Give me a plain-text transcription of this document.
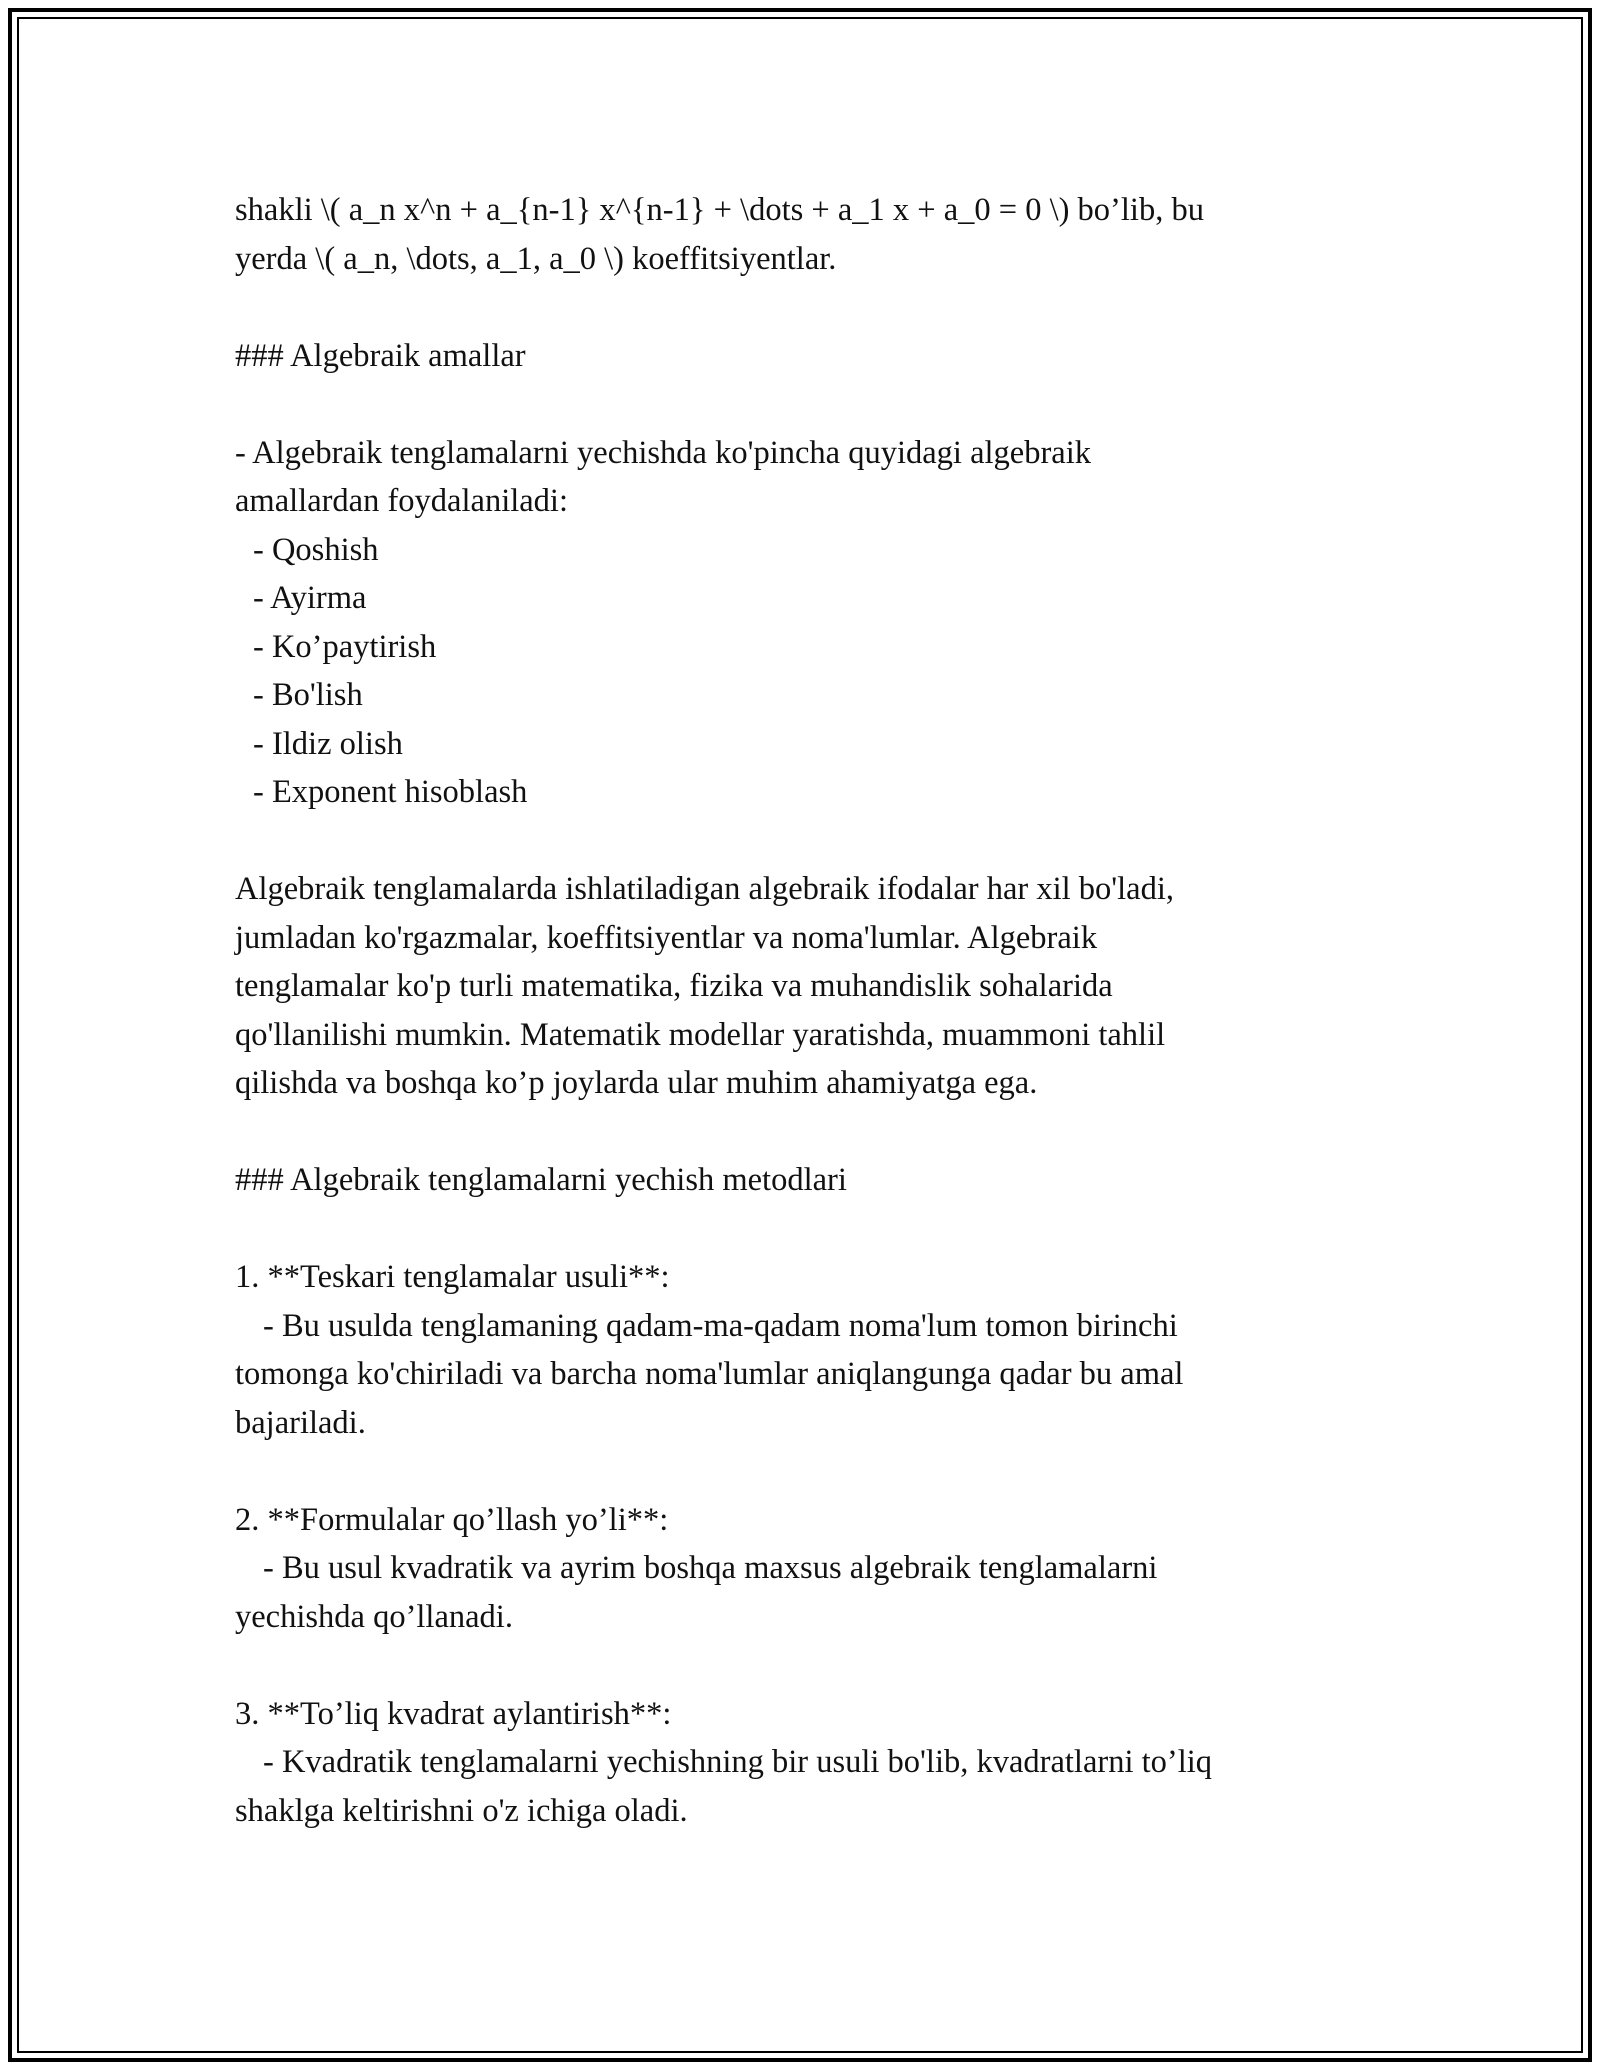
shakli \( a_n x^n + a_{n-1} x^{n-1} + \dots + a_1 x + a_0 = 0 \) bo’lib, bu
yerda \( a_n, \dots, a_1, a_0 \) koeffitsiyentlar.
### Algebraik amallar
- Algebraik tenglamalarni yechishda ko'pincha quyidagi algebraik
amallardan foydalaniladi:
- Qoshish
- Ayirma
- Ko’paytirish
- Bo'lish
- Ildiz olish
- Exponent hisoblash
Algebraik tenglamalarda ishlatiladigan algebraik ifodalar har xil bo'ladi,
jumladan ko'rgazmalar, koeffitsiyentlar va noma'lumlar. Algebraik
tenglamalar ko'p turli matematika, fizika va muhandislik sohalarida
qo'llanilishi mumkin. Matematik modellar yaratishda, muammoni tahlil
qilishda va boshqa ko’p joylarda ular muhim ahamiyatga ega.
### Algebraik tenglamalarni yechish metodlari
1. **Teskari tenglamalar usuli**:
- Bu usulda tenglamaning qadam-ma-qadam noma'lum tomon birinchi
tomonga ko'chiriladi va barcha noma'lumlar aniqlangunga qadar bu amal
bajariladi.
2. **Formulalar qo’llash yo’li**:
- Bu usul kvadratik va ayrim boshqa maxsus algebraik tenglamalarni
yechishda qo’llanadi.
3. **To’liq kvadrat aylantirish**:
- Kvadratik tenglamalarni yechishning bir usuli bo'lib, kvadratlarni to’liq
shaklga keltirishni o'z ichiga oladi.
